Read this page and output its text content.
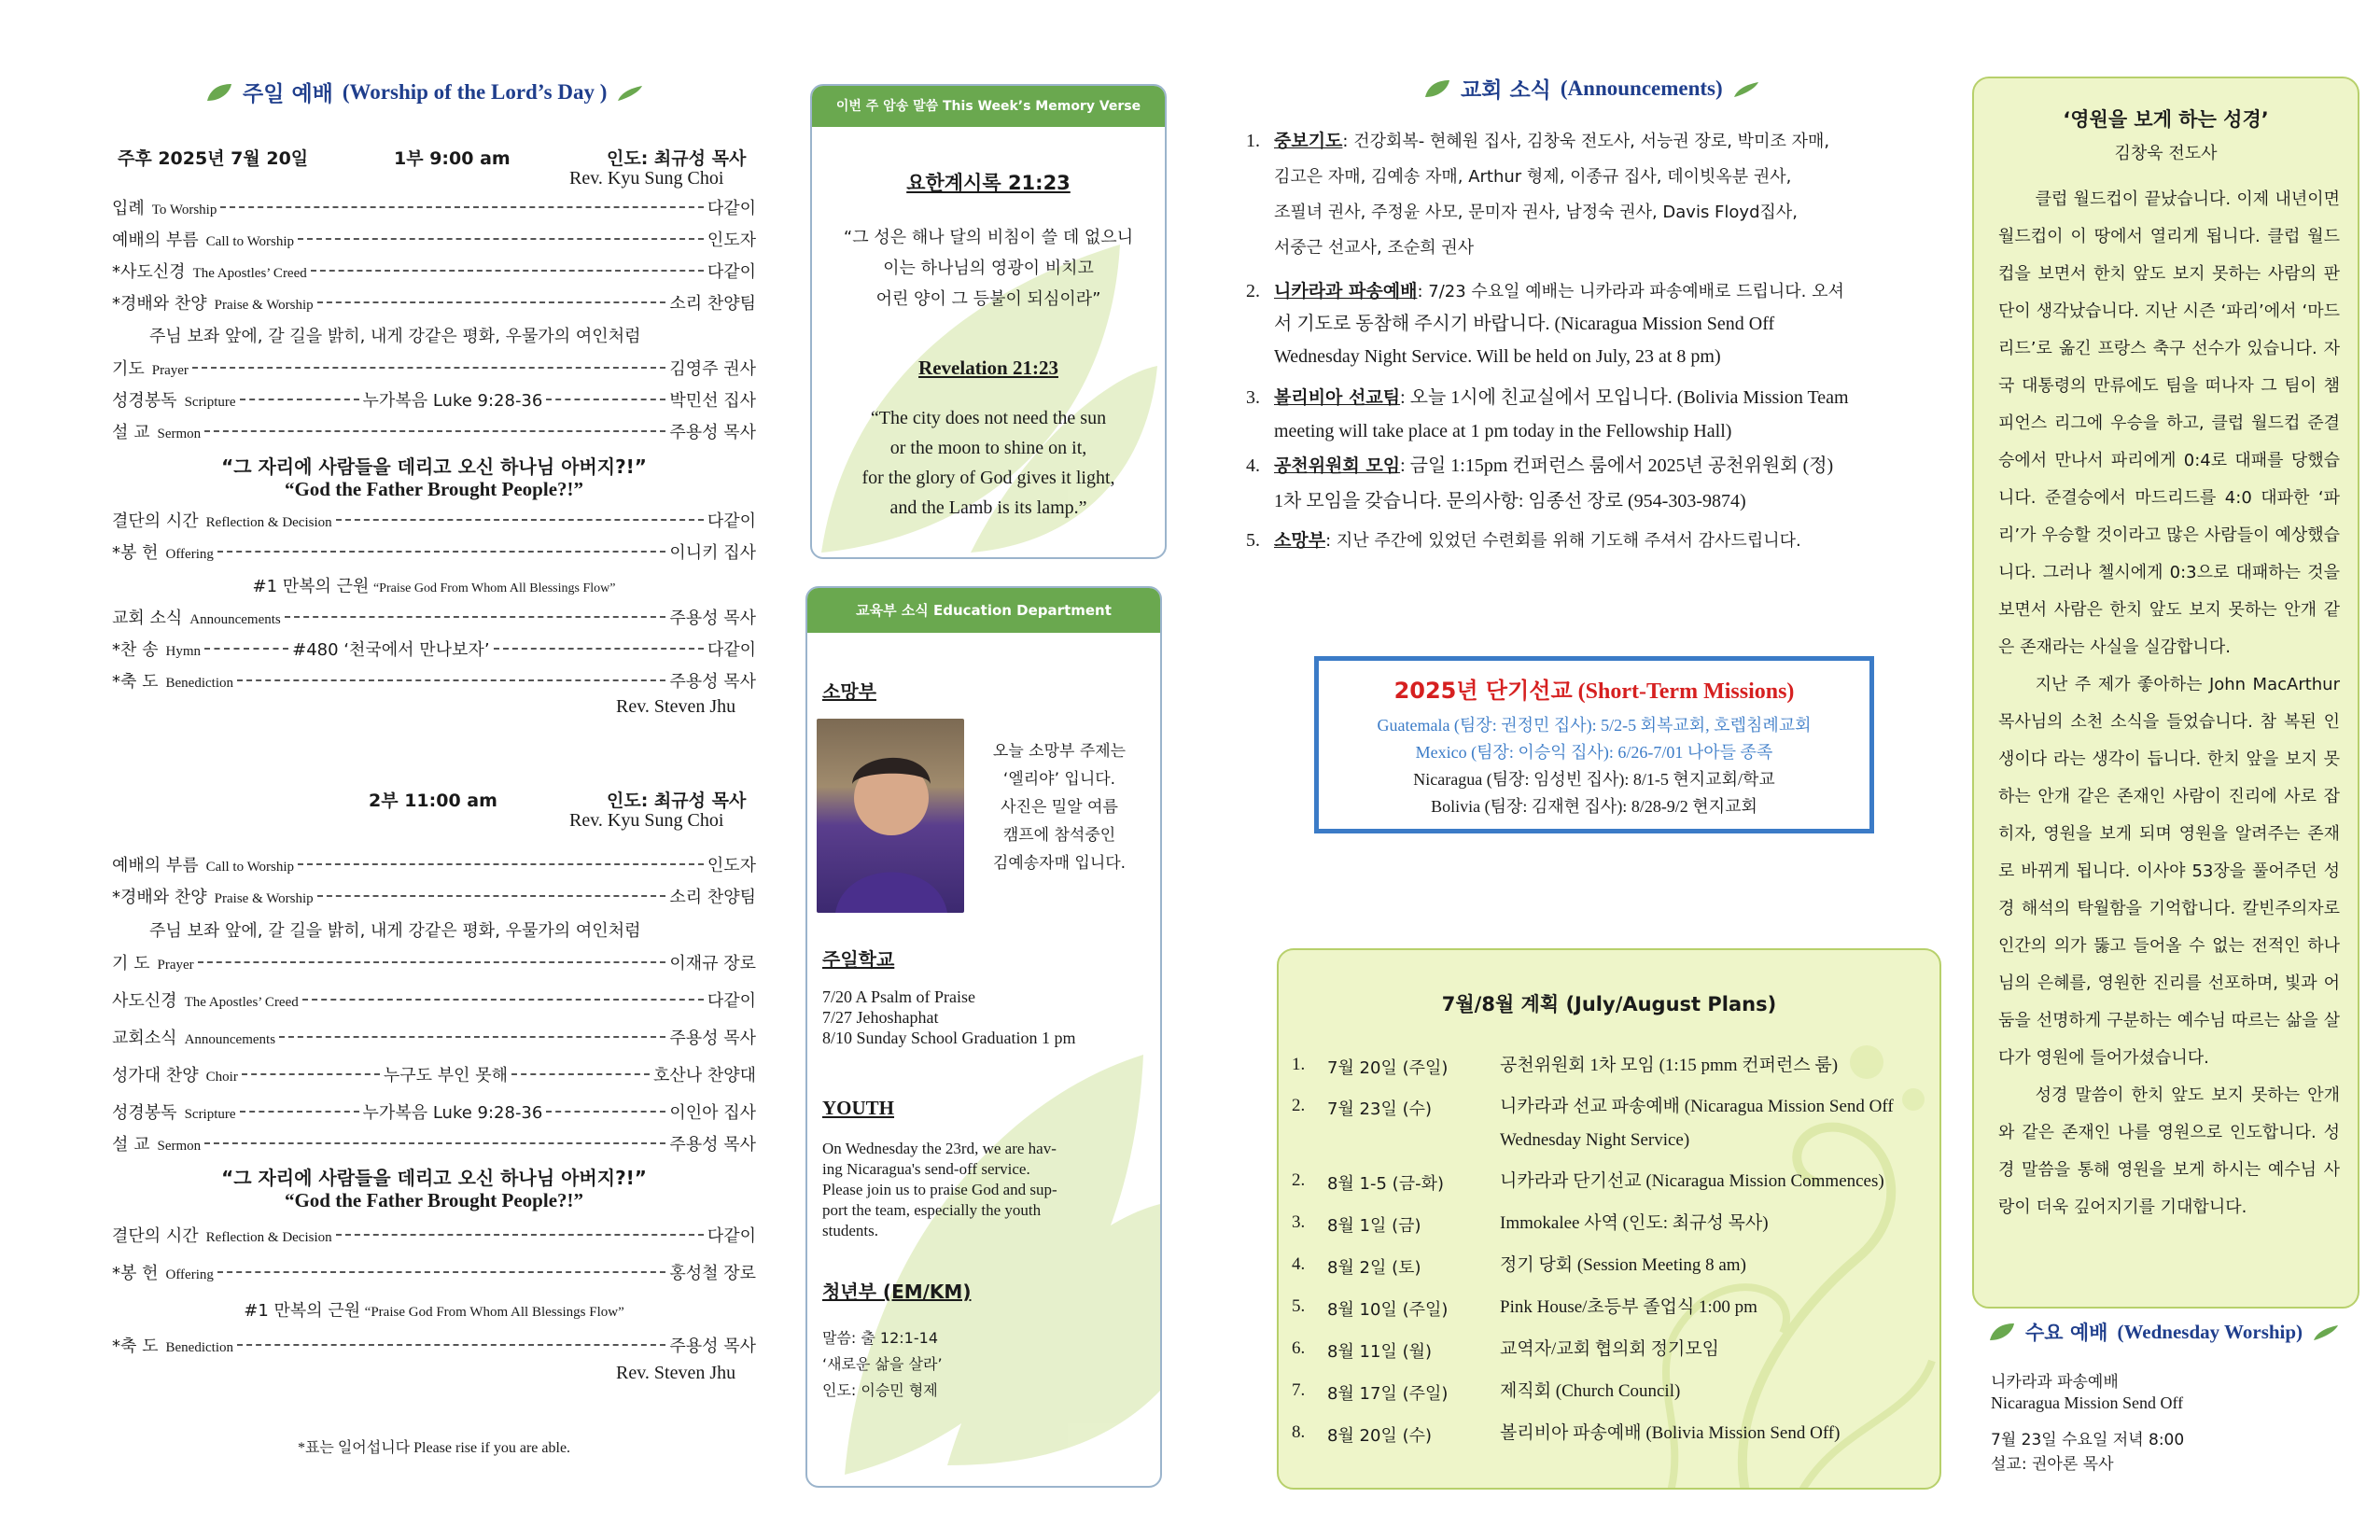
주일 예배 (Worship of the Lord’s Day )
주후 2025년 7월 20일	1부 9:00 am	인도: 최규성 목사
Rev. Kyu Sung Choi
입례 To Worship	다같이
예배의 부름 Call to Worship	인도자
*사도신경 The Apostles’ Creed	다같이
*경배와 찬양 Praise & Worship	소리 찬양팀
주님 보좌 앞에, 갈 길을 밝히, 내게 강같은 평화, 우물가의 여인처럼
기도 Prayer	김영주 권사
성경봉독 Scripture	누가복음 Luke 9:28-36	박민선 집사
설 교 Sermon	주용성 목사
“그 자리에 사람들을 데리고 오신 하나님 아버지?!”
“God the Father Brought People?!”
결단의 시간 Reflection & Decision	다같이
*봉 헌 Offering	이니키 집사
#1 만복의 근원 “Praise God From Whom All Blessings Flow”
교회 소식 Announcements	주용성 목사
*찬 송 Hymn	#480 ‘천국에서 만나보자’	다같이
*축 도 Benediction	주용성 목사
Rev. Steven Jhu
2부 11:00 am	인도: 최규성 목사
Rev. Kyu Sung Choi
예배의 부름 Call to Worship	인도자
*경배와 찬양 Praise & Worship	소리 찬양팀
주님 보좌 앞에, 갈 길을 밝히, 내게 강같은 평화, 우물가의 여인처럼
기 도 Prayer	이재규 장로
사도신경 The Apostles’ Creed	다같이
교회소식 Announcements	주용성 목사
성가대 찬양 Choir	누구도 부인 못해	호산나 찬양대
성경봉독 Scripture	누가복음 Luke 9:28-36	이인아 집사
설 교 Sermon	주용성 목사
“그 자리에 사람들을 데리고 오신 하나님 아버지?!”
“God the Father Brought People?!”
결단의 시간 Reflection & Decision	다같이
*봉 헌 Offering	홍성철 장로
#1 만복의 근원 “Praise God From Whom All Blessings Flow”
*축 도 Benediction	주용성 목사
Rev. Steven Jhu
*표는 일어섭니다 Please rise if you are able.
이번 주 암송 말씀 This Week’s Memory Verse
요한계시록 21:23
“그 성은 해나 달의 비침이 쓸 데 없으니
이는 하나님의 영광이 비치고
어린 양이 그 등불이 되심이라”
Revelation 21:23
“The city does not need the sun
or the moon to shine on it,
for the glory of God gives it light,
and the Lamb is its lamp.”
교육부 소식 Education Department
소망부
오늘 소망부 주제는
‘엘리야’ 입니다.
사진은 밀알 여름
캠프에 참석중인
김예송자매 입니다.
주일학교
7/20 A Psalm of Praise
7/27 Jehoshaphat
8/10 Sunday School Graduation 1 pm
YOUTH
On Wednesday the 23rd, we are hav-
ing Nicaragua's send-off service.
Please join us to praise God and sup-
port the team, especially the youth
students.
청년부 (EM/KM)
말씀: 출 12:1-14
‘새로운 삶을 살라’
인도: 이승민 형제
교회 소식 (Announcements)
1. 중보기도: 건강회복- 현혜원 집사, 김창욱 전도사, 서능권 장로, 박미조 자매,
김고은 자매, 김예송 자매, Arthur 형제, 이종규 집사, 데이빗옥분 권사,
조필녀 권사, 주정윤 사모, 문미자 권사, 남정숙 권사, Davis Floyd집사,
서중근 선교사, 조순희 권사
2. 니카라과 파송예배: 7/23 수요일 예배는 니카라과 파송예배로 드립니다. 오셔
서 기도로 동참해 주시기 바랍니다. (Nicaragua Mission Send Off
Wednesday Night Service. Will be held on July, 23 at 8 pm)
3. 볼리비아 선교팀: 오늘 1시에 친교실에서 모입니다. (Bolivia Mission Team
meeting will take place at 1 pm today in the Fellowship Hall)
4. 공천위원회 모임: 금일 1:15pm 컨퍼런스 룸에서 2025년 공천위원회 (정)
1차 모임을 갖습니다. 문의사항: 임종선 장로 (954-303-9874)
5. 소망부: 지난 주간에 있었던 수련회를 위해 기도해 주셔서 감사드립니다.
2025년 단기선교 (Short-Term Missions)
Guatemala (팀장: 권정민 집사): 5/2-5 회복교회, 호렙침례교회
Mexico (팀장: 이승익 집사): 6/26-7/01 나아들 종족
Nicaragua (팀장: 임성빈 집사): 8/1-5 현지교회/학교
Bolivia (팀장: 김재현 집사): 8/28-9/2 현지교회
7월/8월 계획 (July/August Plans)
1. 7월 20일 (주일)	공천위원회 1차 모임 (1:15 pmm 컨퍼런스 룸)
2. 7월 23일 (수)	니카라과 선교 파송예배 (Nicaragua Mission Send Off Wednesday Night Service)
2. 8월 1-5 (금-화)	니카라과 단기선교 (Nicaragua Mission Commences)
3. 8월 1일 (금)	Immokalee 사역 (인도: 최규성 목사)
4. 8월 2일 (토)	정기 당회 (Session Meeting 8 am)
5. 8월 10일 (주일)	Pink House/초등부 졸업식 1:00 pm
6. 8월 11일 (월)	교역자/교회 협의회 정기모임
7. 8월 17일 (주일)	제직회 (Church Council)
8. 8월 20일 (수)	볼리비아 파송예배 (Bolivia Mission Send Off)
‘영원을 보게 하는 성경’
김창욱 전도사

클럽 월드컵이 끝났습니다. 이제 내년이면 월드컵이 이 땅에서 열리게 됩니다. 클럽 월드컵을 보면서 한치 앞도 보지 못하는 사람의 판단이 생각났습니다. 지난 시즌 ‘파리’에서 ‘마드리드’로 옮긴 프랑스 축구 선수가 있습니다. 자국 대통령의 만류에도 팀을 떠나자 그 팀이 챔피언스 리그에 우승을 하고, 클럽 월드컵 준결승에서 만나서 파리에게 0:4로 대패를 당했습니다. 준결승에서 마드리드를 4:0 대파한 ‘파리’가 우승할 것이라고 많은 사람들이 예상했습니다. 그러나 첼시에게 0:3으로 대패하는 것을 보면서 사람은 한치 앞도 보지 못하는 안개 같은 존재라는 사실을 실감합니다.

지난 주 제가 좋아하는 John MacArthur 목사님의 소천 소식을 들었습니다. 참 복된 인생이다 라는 생각이 듭니다. 한치 앞을 보지 못하는 안개 같은 존재인 사람이 진리에 사로 잡히자, 영원을 보게 되며 영원을 알려주는 존재로 바뀌게 됩니다. 이사야 53장을 풀어주던 성경 해석의 탁월함을 기억합니다. 칼빈주의자로 인간의 의가 뚫고 들어올 수 없는 전적인 하나님의 은혜를, 영원한 진리를 선포하며, 빛과 어둠을 선명하게 구분하는 예수님 따르는 삶을 살다가 영원에 들어가셨습니다.

성경 말씀이 한치 앞도 보지 못하는 안개와 같은 존재인 나를 영원으로 인도합니다. 성경 말씀을 통해 영원을 보게 하시는 예수님 사랑이 더욱 깊어지기를 기대합니다.

수요 예배 (Wednesday Worship)
니카라과 파송예배
Nicaragua Mission Send Off
7월 23일 수요일 저녁 8:00
설교: 권아론 목사
